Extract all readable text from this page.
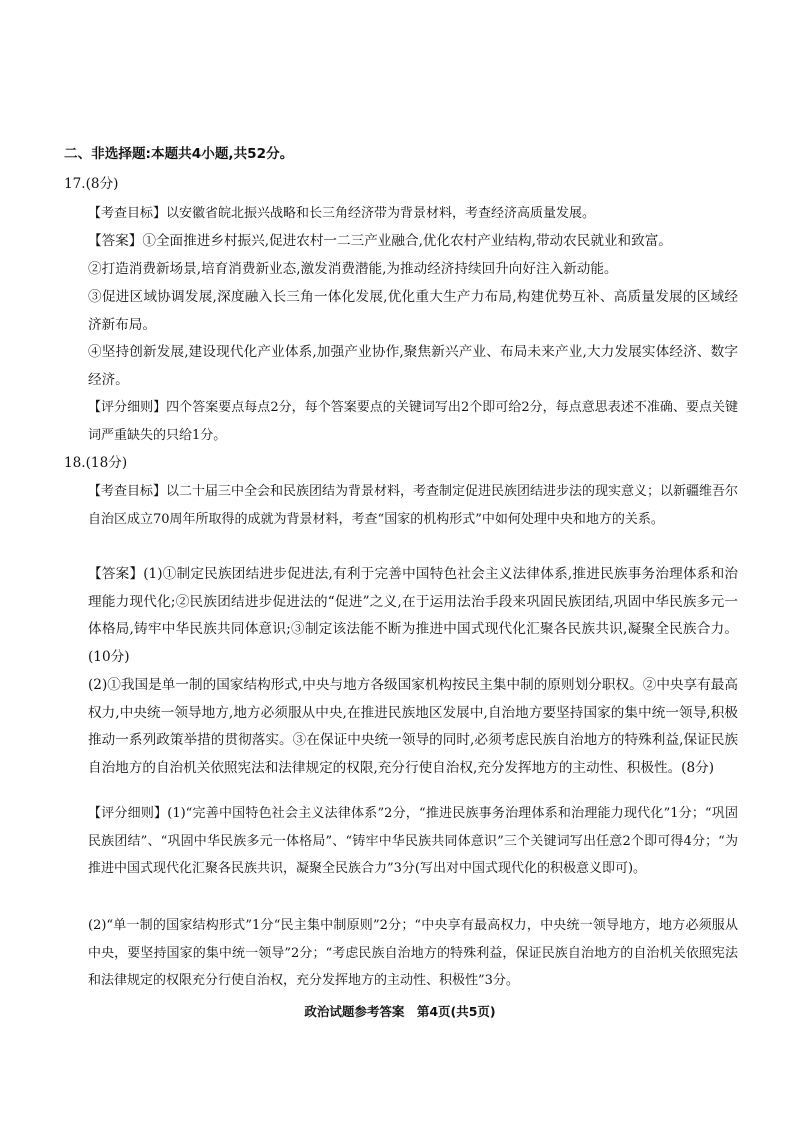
二、非选择题:本题共4小题,共52分。

17.(8分)

【考查目标】以安徽省皖北振兴战略和长三角经济带为背景材料，考查经济高质量发展。

【答案】①全面推进乡村振兴,促进农村一二三产业融合,优化农村产业结构,带动农民就业和致富。

②打造消费新场景,培育消费新业态,激发消费潜能,为推动经济持续回升向好注入新动能。

③促进区域协调发展,深度融入长三角一体化发展,优化重大生产力布局,构建优势互补、高质量发展的区域经济新布局。

④坚持创新发展,建设现代化产业体系,加强产业协作,聚焦新兴产业、布局未来产业,大力发展实体经济、数字经济。

【评分细则】四个答案要点每点2分，每个答案要点的关键词写出2个即可给2分，每点意思表述不准确、要点关键词严重缺失的只给1分。

18.(18分)

【考查目标】以二十届三中全会和民族团结为背景材料，考查制定促进民族团结进步法的现实意义；以新疆维吾尔自治区成立70周年所取得的成就为背景材料，考查“国家的机构形式”中如何处理中央和地方的关系。

【答案】(1)①制定民族团结进步促进法,有利于完善中国特色社会主义法律体系,推进民族事务治理体系和治理能力现代化;②民族团结进步促进法的“促进”之义,在于运用法治手段来巩固民族团结,巩固中华民族多元一体格局,铸牢中华民族共同体意识;③制定该法能不断为推进中国式现代化汇聚各民族共识,凝聚全民族合力。(10分)

(2)①我国是单一制的国家结构形式,中央与地方各级国家机构按民主集中制的原则划分职权。②中央享有最高权力,中央统一领导地方,地方必须服从中央,在推进民族地区发展中,自治地方要坚持国家的集中统一领导,积极推动一系列政策举措的贯彻落实。③在保证中央统一领导的同时,必须考虑民族自治地方的特殊利益,保证民族自治地方的自治机关依照宪法和法律规定的权限,充分行使自治权,充分发挥地方的主动性、积极性。(8分)

【评分细则】(1)“完善中国特色社会主义法律体系”2分，“推进民族事务治理体系和治理能力现代化”1分；“巩固民族团结”、“巩固中华民族多元一体格局”、“铸牢中华民族共同体意识”三个关键词写出任意2个即可得4分；“为推进中国式现代化汇聚各民族共识，凝聚全民族合力”3分(写出对中国式现代化的积极意义即可)。

(2)“单一制的国家结构形式”1分“民主集中制原则”2分；“中央享有最高权力，中央统一领导地方，地方必须服从中央，要坚持国家的集中统一领导”2分；“考虑民族自治地方的特殊利益，保证民族自治地方的自治机关依照宪法和法律规定的权限充分行使自治权，充分发挥地方的主动性、积极性”3分。

政治试题参考答案　第4页(共5页)
